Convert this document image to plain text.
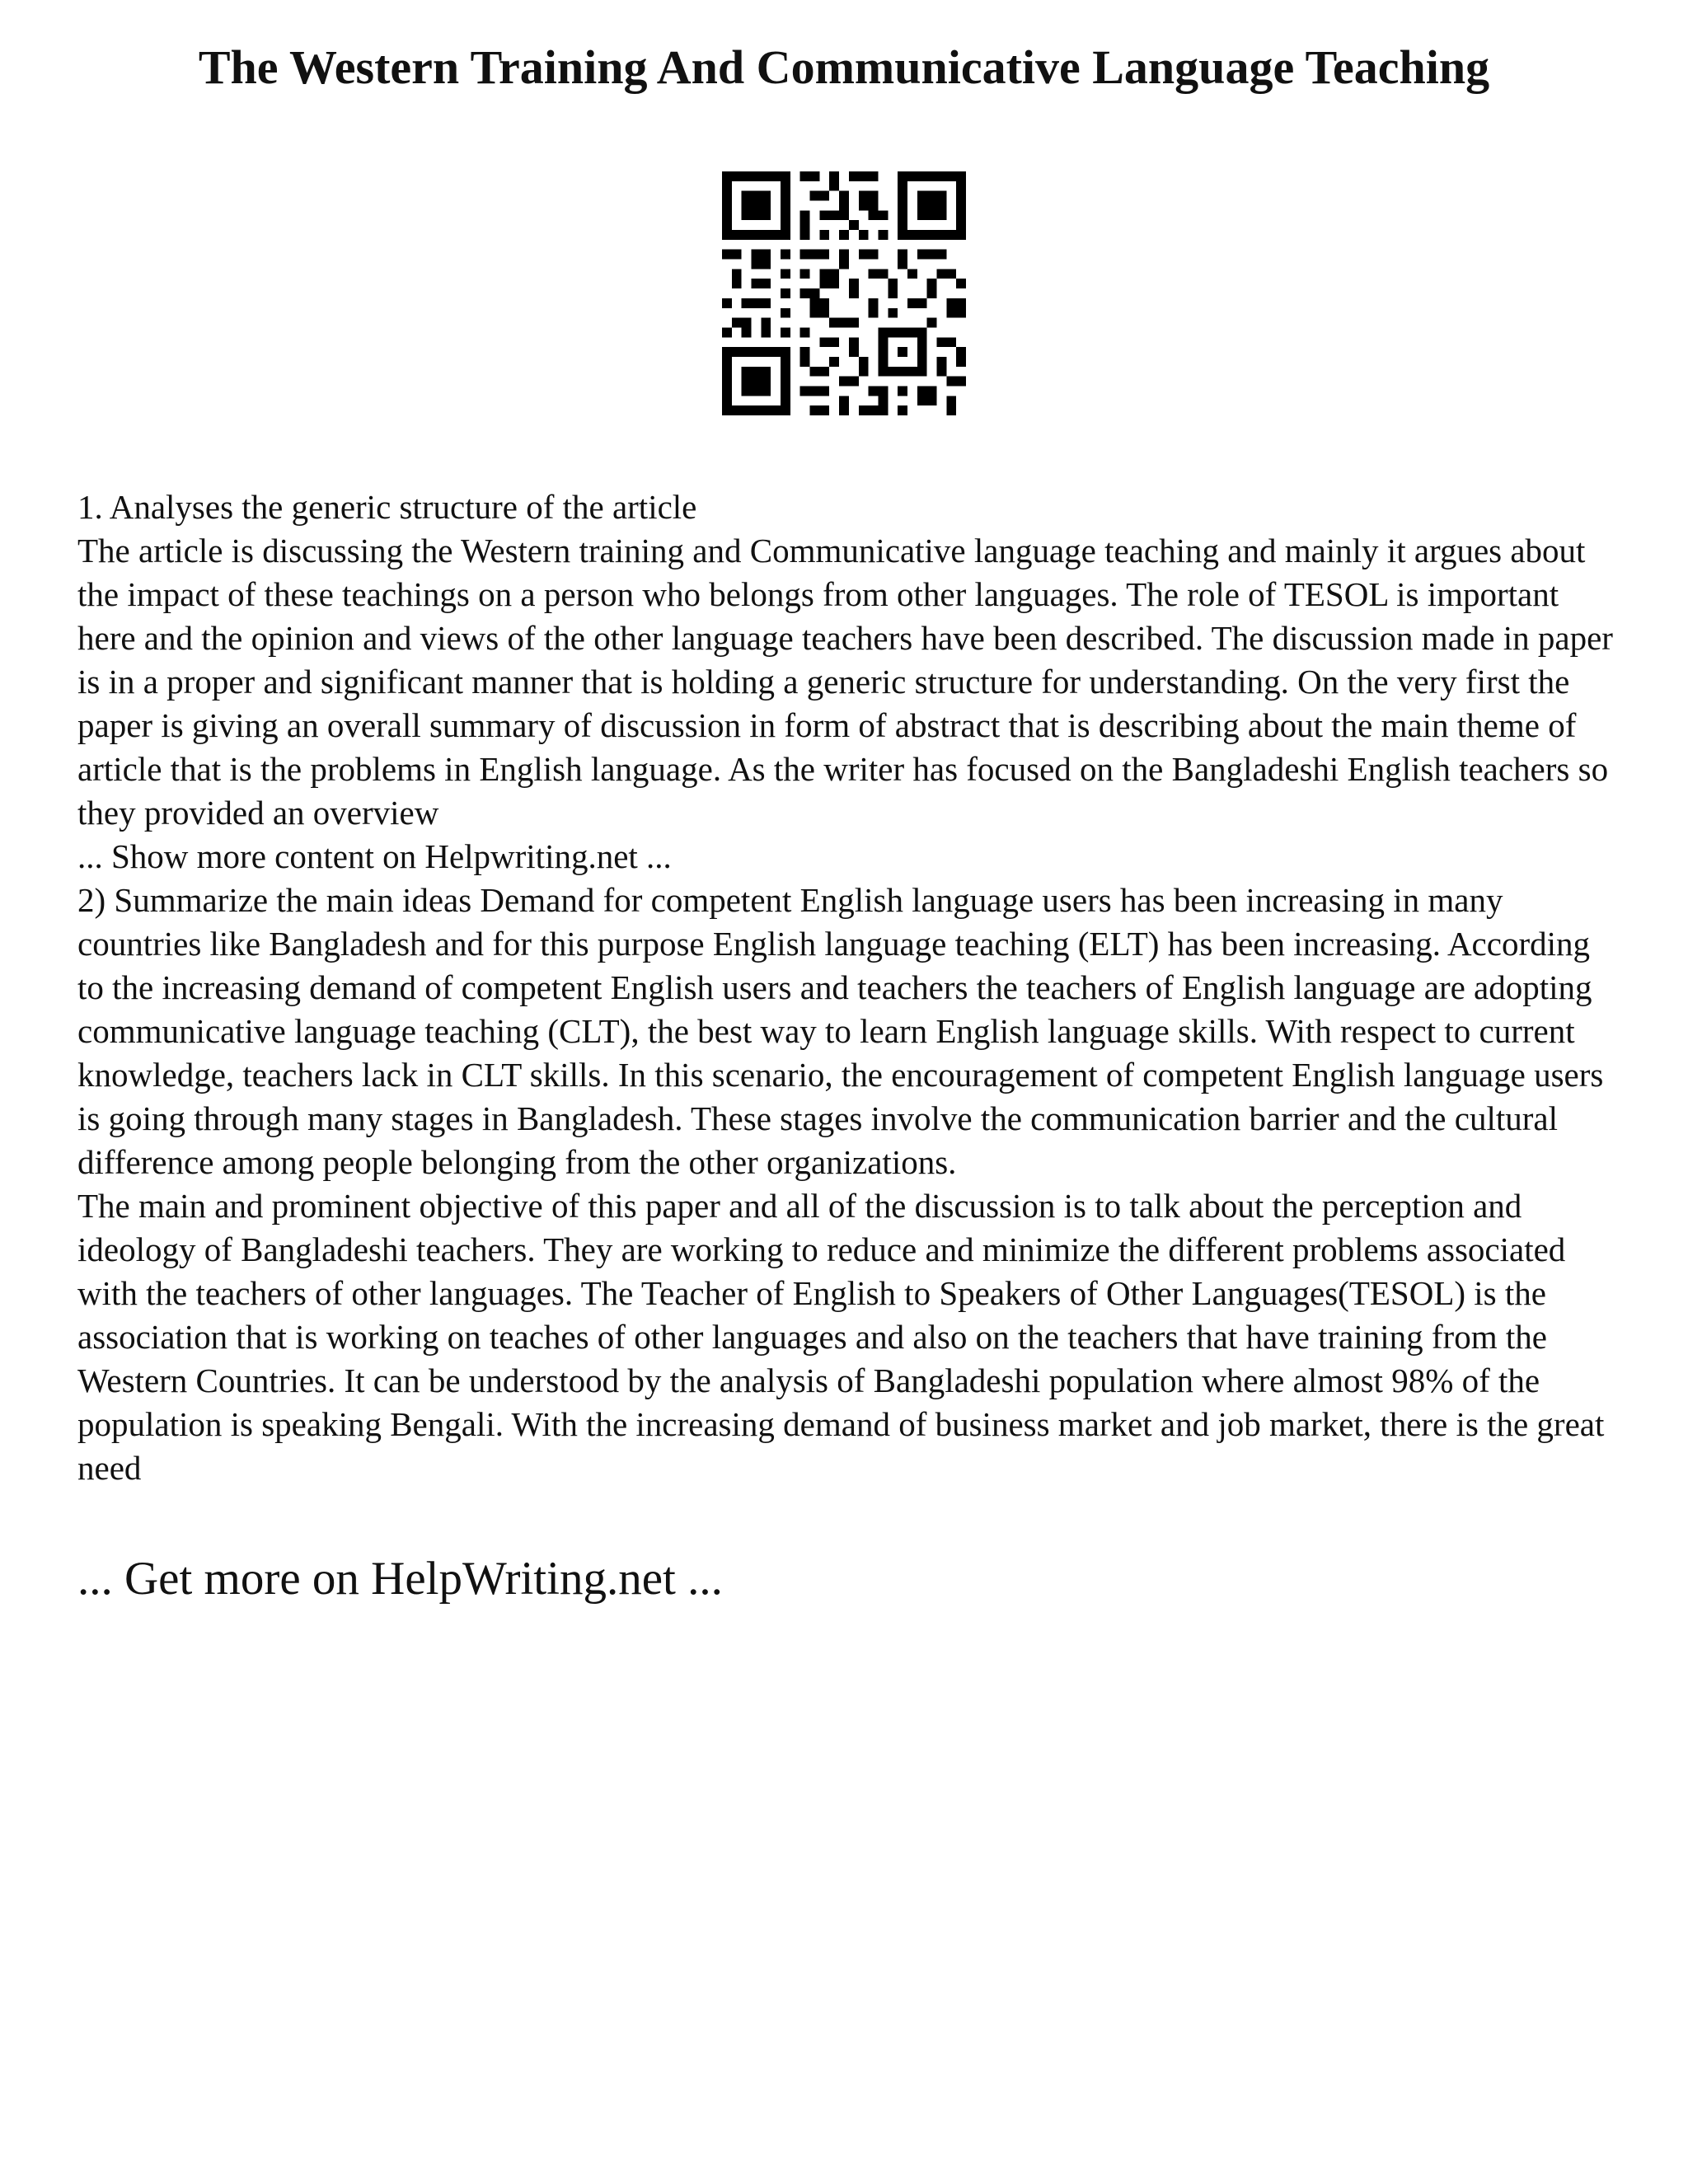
The Western Training And Communicative Language Teaching

1. Analyses the generic structure of the article

The article is discussing the Western training and Communicative language teaching and mainly it argues about the impact of these teachings on a person who belongs from other languages. The role of TESOL is important here and the opinion and views of the other language teachers have been described. The discussion made in paper is in a proper and significant manner that is holding a generic structure for understanding. On the very first the paper is giving an overall summary of discussion in form of abstract that is describing about the main theme of article that is the problems in English language. As the writer has focused on the Bangladeshi English teachers so they provided an overview

... Show more content on Helpwriting.net ...

2) Summarize the main ideas Demand for competent English language users has been increasing in many countries like Bangladesh and for this purpose English language teaching (ELT) has been increasing. According to the increasing demand of competent English users and teachers the teachers of English language are adopting communicative language teaching (CLT), the best way to learn English language skills. With respect to current knowledge, teachers lack in CLT skills. In this scenario, the encouragement of competent English language users is going through many stages in Bangladesh. These stages involve the communication barrier and the cultural difference among people belonging from the other organizations.

The main and prominent objective of this paper and all of the discussion is to talk about the perception and ideology of Bangladeshi teachers. They are working to reduce and minimize the different problems associated with the teachers of other languages. The Teacher of English to Speakers of Other Languages(TESOL) is the association that is working on teaches of other languages and also on the teachers that have training from the Western Countries. It can be understood by the analysis of Bangladeshi population where almost 98% of the population is speaking Bengali. With the increasing demand of business market and job market, there is the great need

... Get more on HelpWriting.net ...
